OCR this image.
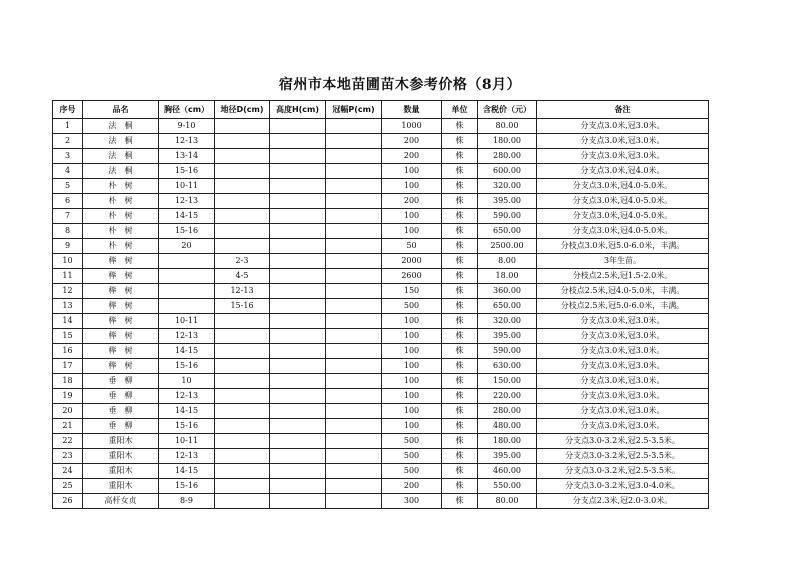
宿州市本地苗圃苗木参考价格（8月）
序号	品名	胸径（cm）	地径D(cm)	高度H(cm)	冠幅P(cm)	数量	单位	含税价（元）	备注
1	法　桐	9-10				1000	株	80.00	分支点3.0米,冠3.0米。
2	法　桐	12-13				200	株	180.00	分支点3.0米,冠3.0米。
3	法　桐	13-14				200	株	280.00	分支点3.0米,冠3.0米。
4	法　桐	15-16				100	株	600.00	分支点3.0米,冠4.0米。
5	朴　树	10-11				100	株	320.00	分支点3.0米,冠4.0-5.0米。
6	朴　树	12-13				200	株	395.00	分支点3.0米,冠4.0-5.0米。
7	朴　树	14-15				100	株	590.00	分支点3.0米,冠4.0-5.0米。
8	朴　树	15-16				100	株	650.00	分支点3.0米,冠4.0-5.0米。
9	朴　树	20				50	株	2500.00	分枝点3.0米,冠5.0-6.0米，丰满。
10	榉　树		2-3			2000	株	8.00	3年生苗。
11	榉　树		4-5			2600	株	18.00	分枝点2.5米,冠1.5-2.0米。
12	榉　树		12-13			150	株	360.00	分枝点2.5米,冠4.0-5.0米，丰满。
13	榉　树		15-16			500	株	650.00	分枝点2.5米,冠5.0-6.0米，丰满。
14	榉　树	10-11				100	株	320.00	分支点3.0米,冠3.0米。
15	榉　树	12-13				100	株	395.00	分支点3.0米,冠3.0米。
16	榉　树	14-15				100	株	590.00	分支点3.0米,冠3.0米。
17	榉　树	15-16				100	株	630.00	分支点3.0米,冠3.0米。
18	垂　柳	10				100	株	150.00	分支点3.0米,冠3.0米。
19	垂　柳	12-13				100	株	220.00	分支点3.0米,冠3.0米。
20	垂　柳	14-15				100	株	280.00	分支点3.0米,冠3.0米。
21	垂　柳	15-16				100	株	480.00	分支点3.0米,冠3.0米。
22	重阳木	10-11				500	株	180.00	分支点3.0-3.2米,冠2.5-3.5米。
23	重阳木	12-13				500	株	395.00	分支点3.0-3.2米,冠2.5-3.5米。
24	重阳木	14-15				500	株	460.00	分支点3.0-3.2米,冠2.5-3.5米。
25	重阳木	15-16				200	株	550.00	分支点3.0-3.2米,冠3.0-4.0米。
26	高杆女贞	8-9				300	株	80.00	分支点2.3米,冠2.0-3.0米。
